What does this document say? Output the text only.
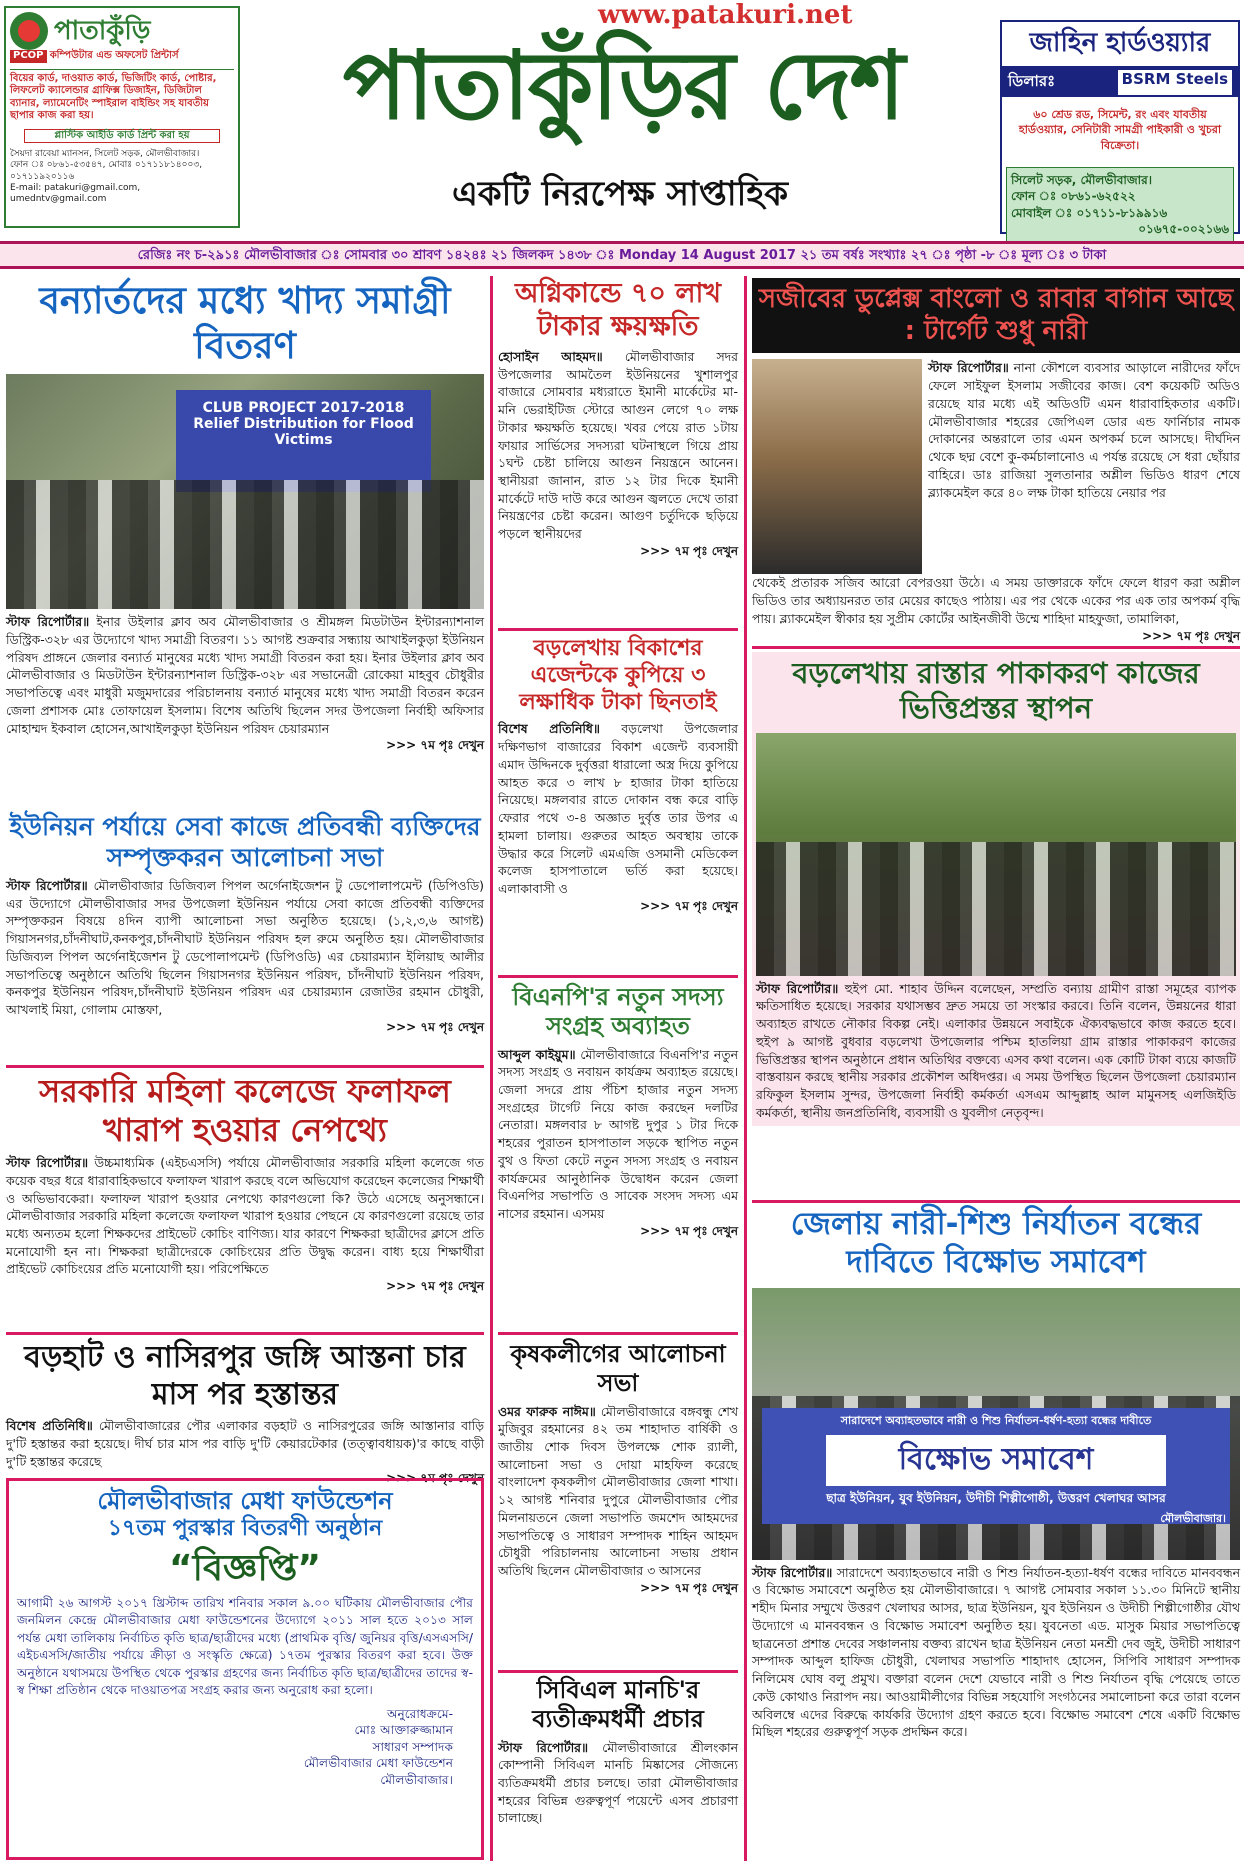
পাতাকুঁড়ি
PCOP কম্পিউটার এন্ড অফসেট প্রিন্টার্স
বিয়ের কার্ড, দাওয়াত কার্ড, ভিজিটিং কার্ড, পোষ্টার, লিফলেট ক্যালেন্ডার গ্রাফিক্স ডিজাইন, ডিজিটাল ব্যানার, ল্যামেনেটিং স্পাইরাল বাইন্ডিং সহ যাবতীয় ছাপার কাজ করা হয়।
প্লাস্টিক আইডি কার্ড প্রিন্ট করা হয়
সৈয়দা রাবেয়া ম্যানসন, সিলেট সড়ক, মৌলভীবাজার।
ফোন ঃ ০৮৬১-৫৩৫৪৭, মোবাঃ ০১৭১১৮১৪০০৩, ০১৭১১৯২০১১৬
E-mail: patakuri@gmail.com, umedntv@gmail.com
www.patakuri.net
পাতাকুঁড়ির দেশ
একটি নিরপেক্ষ সাপ্তাহিক
জাহিন হার্ডওয়্যার
ডিলারঃ	BSRM Steels
৬০ শ্রেড রড, সিমেন্ট, রং এবং যাবতীয় হার্ডওয়্যার, সেনিটারী সামগ্রী পাইকারী ও খুচরা বিক্রেতা।
সিলেট সড়ক, মৌলভীবাজার।
ফোন ঃ ০৮৬১-৬২৫২২
মোবাইল ঃ ০১৭১১-৮১৯৯১৬
০১৬৭৫-০০২১৬৬
রেজিঃ নং চ-২৯১ঃ মৌলভীবাজার ঃ সোমবার ৩০ শ্রাবণ ১৪২৪ঃ ২১ জিলকদ ১৪৩৮ ঃ Monday 14 August 2017 ২১ তম বর্ষঃ সংখ্যাঃ ২৭ ঃ পৃষ্ঠা -৮ ঃ মূল্য ঃ ৩ টাকা
বন্যার্তদের মধ্যে খাদ্য সমাগ্রী বিতরণ
CLUB PROJECT 2017-2018
Relief Distribution for Flood Victims
স্টাফ রিপোর্টার॥ ইনার উইলার ক্লাব অব মৌলভীবাজার ও শ্রীমঙ্গল মিডটাউন ইন্টারন্যাশনাল ডিস্ট্রিক-৩২৮ এর উদ্যোগে খাদ্য সমাগ্রী বিতরণ। ১১ আগষ্ট শুক্রবার সন্ধ্যায় আখাইলকুড়া ইউনিয়ন পরিষদ প্রাঙ্গনে জেলার বন্যার্ত মানুষের মধ্যে খাদ্য সমাগ্রী বিতরন করা হয়। ইনার উইলার ক্লাব অব মৌলভীবাজার ও মিডটাউন ইন্টারন্যাশনাল ডিস্ট্রিক-৩২৮ এর সভানেত্রী রোকেয়া মাহবুব চৌধুরীর সভাপতিত্বে এবং মাধুরী মজুমদারের পরিচালনায় বন্যার্ত মানুষের মধ্যে খাদ্য সমাগ্রী বিতরন করেন জেলা প্রশাসক মোঃ তোফায়েল ইসলাম। বিশেষ অতিথি ছিলেন সদর উপজেলা নির্বাহী অফিসার মোহাম্মদ ইকবাল হোসেন,আখাইলকুড়া ইউনিয়ন পরিষদ চেয়ারম্যান
>>> ৭ম পৃঃ দেখুন
ইউনিয়ন পর্যায়ে সেবা কাজে প্রতিবন্ধী ব্যক্তিদের সম্পৃক্তকরন আলোচনা সভা
স্টাফ রিপোর্টার॥ মৌলভীবাজার ডিজিব্যল পিপল অর্গেনাইজেশন টু ডেপোলাপমেন্ট (ডিপিওডি) এর উদ্যোগে মৌলভীবাজার সদর উপজেলা ইউনিয়ন পর্যায়ে সেবা কাজে প্রতিবন্ধী ব্যক্তিদের সম্পৃক্তকরন বিষয়ে ৪দিন ব্যাপী আলোচনা সভা অনুষ্ঠিত হয়েছে। (১,২,৩,৬ আগষ্ট) গিয়াসনগর,চাঁদনীঘাট,কনকপুর,চাঁদনীঘাট ইউনিয়ন পরিষদ হল রুমে অনুষ্ঠিত হয়। মৌলভীবাজার ডিজিব্যল পিপল অর্গেনাইজেশন টু ডেপোলাপমেন্ট (ডিপিওডি) এর চেয়ারম্যান ইলিয়াছ আলীর সভাপতিত্বে অনুষ্ঠানে অতিথি ছিলেন গিয়াসনগর ইউনিয়ন পরিষদ, চাঁদনীঘাট ইউনিয়ন পরিষদ, কনকপুর ইউনিয়ন পরিষদ,চাঁদনীঘাট ইউনিয়ন পরিষদ এর চেয়ারম্যান রেজাউর রহমান চৌধুরী, আখলাই মিয়া, গোলাম মোস্তফা,
>>> ৭ম পৃঃ দেখুন
সরকারি মহিলা কলেজে ফলাফল খারাপ হওয়ার নেপথ্যে
স্টাফ রিপোর্টার॥ উচ্চমাধ্যমিক (এইচএসসি) পর্যায়ে মৌলভীবাজার সরকারি মহিলা কলেজে গত কয়েক বছর ধরে ধারাবাহিকভাবে ফলাফল খারাপ করছে বলে অভিযোগ করেছেন কলেজের শিক্ষার্থী ও অভিভাবকেরা। ফলাফল খারাপ হওয়ার নেপথ্যে কারণগুলো কি? উঠে এসেছে অনুসন্ধানে। মৌলভীবাজার সরকারি মহিলা কলেজে ফলাফল খারাপ হওয়ার পেছনে যে কারণগুলো রয়েছে তার মধ্যে অন্যতম হলো শিক্ষকদের প্রাইভেট কোচিং বাণিজ্য। যার কারণে শিক্ষকরা ছাত্রীদের ক্লাসে প্রতি মনোযোগী হন না। শিক্ষকরা ছাত্রীদেরকে কোচিংয়ের প্রতি উদ্বুদ্ধ করেন। বাধ্য হয়ে শিক্ষার্থীরা প্রাইভেট কোচিংয়ের প্রতি মনোযোগী হয়। পরিপেক্ষিতে
>>> ৭ম পৃঃ দেখুন
বড়হাট ও নাসিরপুর জঙ্গি আস্তনা চার মাস পর হস্তান্তর
বিশেষ প্রতিনিধি॥ মৌলভীবাজারের পৌর এলাকার বড়হাট ও নাসিরপুরের জঙ্গি আস্তানার বাড়ি দু'টি হস্তান্তর করা হয়েছে। দীর্ঘ চার মাস পর বাড়ি দু'টি কেয়ারটেকার (তত্ত্বাবধায়ক)'র কাছে বাড়ী দু'টি হস্তান্তর করেছে
>>> ৭ম পৃঃ দেখুন
মৌলভীবাজার মেধা ফাউন্ডেশন
১৭তম পুরস্কার বিতরণী অনুষ্ঠান
“বিজ্ঞপ্তি”
আগামী ২৬ আগস্ট ২০১৭ খ্রিস্টাব্দ তারিখ শনিবার সকাল ৯.০০ ঘটিকায় মৌলভীবাজার পৌর জনমিলন কেন্দ্রে মৌলভীবাজার মেধা ফাউন্ডেশনের উদ্যোগে ২০১১ সাল হতে ২০১৩ সাল পর্যন্ত মেধা তালিকায় নির্বাচিত কৃতি ছাত্র/ছাত্রীদের মধ্যে (প্রাথমিক বৃত্তি/ জুনিয়র বৃত্তি/এসএসসি/এইচএসসি/জাতীয় পর্যায়ে ক্রীড়া ও সংস্কৃতি ক্ষেত্রে) ১৭তম পুরস্কার বিতরণ করা হবে। উক্ত অনুষ্ঠানে যথাসময়ে উপস্থিত থেকে পুরস্কার গ্রহণের জন্য নির্বাচিত কৃতি ছাত্র/ছাত্রীদের তাদের স্ব-স্ব শিক্ষা প্রতিষ্ঠান থেকে দাওয়াতপত্র সংগ্রহ করার জন্য অনুরোধ করা হলো।
অনুরোধক্রমে-
মোঃ আক্তারুজ্জামান
সাধারণ সম্পাদক
মৌলভীবাজার মেধা ফাউন্ডেশন
মৌলভীবাজার।
অগ্নিকান্ডে ৭০ লাখ টাকার ক্ষয়ক্ষতি
হোসাইন আহমদ॥ মৌলভীবাজার সদর উপজেলার আমতৈল ইউনিয়নের খুশালপুর বাজারে সোমবার মধ্যরাতে ইমানী মার্কেটের মা-মনি ভেরাইটিজ স্টোরে আগুন লেগে ৭০ লক্ষ টাকার ক্ষয়ক্ষতি হয়েছে। খবর পেয়ে রাত ১টায় ফায়ার সার্ভিসের সদস্যরা ঘটনাস্থলে গিয়ে প্রায় ১ঘন্ট চেষ্টা চালিয়ে আগুন নিয়ন্ত্রনে আনেন। স্থানীয়রা জানান, রাত ১২ টার দিকে ইমানী মার্কেটে দাউ দাউ করে আগুন জ্বলতে দেখে তারা নিয়ন্ত্রণের চেষ্টা করেন। আগুণ চর্তুদিকে ছড়িয়ে পড়লে স্থানীয়দের
>>> ৭ম পৃঃ দেখুন
বড়লেখায় বিকাশের এজেন্টকে কুপিয়ে ৩ লক্ষাধিক টাকা ছিনতাই
বিশেষ প্রতিনিধি॥ বড়লেখা উপজেলার দক্ষিণভাগ বাজারের বিকাশ এজেন্ট ব্যবসায়ী এমাদ উদ্দিনকে দুর্বৃত্তরা ধারালো অস্ত্র দিয়ে কুপিয়ে আহত করে ৩ লাখ ৮ হাজার টাকা হাতিয়ে নিয়েছে। মঙ্গলবার রাতে দোকান বন্ধ করে বাড়ি ফেরার পথে ৩-৪ অজ্ঞাত দুর্বৃত্ত তার উপর এ হামলা চালায়। গুরুতর আহত অবস্থায় তাকে উদ্ধার করে সিলেট এমএজি ওসমানী মেডিকেল কলেজ হাসপাতালে ভর্তি করা হয়েছে। এলাকাবাসী ও
>>> ৭ম পৃঃ দেখুন
বিএনপি'র নতুন সদস্য সংগ্রহ অব্যাহত
আব্দুল কাইয়ুম॥ মৌলভীবাজারে বিএনপি'র নতুন সদস্য সংগ্রহ ও নবায়ন কার্যক্রম অব্যাহত রয়েছে। জেলা সদরে প্রায় পঁচিশ হাজার নতুন সদস্য সংগ্রহের টার্গেট নিয়ে কাজ করছেন দলটির নেতারা। মঙ্গলবার ৮ আগষ্ট দুপুর ১ টার দিকে শহরের পুরাতন হাসপাতাল সড়কে স্থাপিত নতুন বুথ ও ফিতা কেটে নতুন সদস্য সংগ্রহ ও নবায়ন কার্যক্রমের আনুষ্ঠানিক উদ্বোধন করেন জেলা বিএনপির সভাপতি ও সাবেক সংসদ সদস্য এম নাসের রহমান। এসময়
>>> ৭ম পৃঃ দেখুন
কৃষকলীগের আলোচনা সভা
ওমর ফারুক নাঈম॥ মৌলভীবাজারে বঙ্গবন্ধু শেখ মুজিবুর রহমানের ৪২ তম শাহাদাত বার্ষিকী ও জাতীয় শোক দিবস উপলক্ষে শোক র‌্যালী, আলোচনা সভা ও দোয়া মাহফিল করেছে বাংলাদেশ কৃষকলীগ মৌলভীবাজার জেলা শাখা। ১২ আগষ্ট শনিবার দুপুরে মৌলভীবাজার পৌর মিলনায়তনে জেলা সভাপতি জমশেদ আহমদের সভাপতিত্বে ও সাধারণ সম্পাদক শাহিন আহমদ চৌধুরী পরিচালনায় আলোচনা সভায় প্রধান অতিথি ছিলেন মৌলভীবাজার ৩ আসনের
>>> ৭ম পৃঃ দেখুন
সিবিএল মানচি'র ব্যতীক্রমধর্মী প্রচার
স্টাফ রিপোর্টার॥ মৌলভীবাজারে শ্রীলংকান কোম্পানী সিবিএল মানচি মিষ্কাসের সৌজন্যে ব্যতিক্রমধর্মী প্রচার চলছে। তারা মৌলভীবাজার শহরের বিভিন্ন গুরুত্বপূর্ণ পয়েন্টে এসব প্রচারণা চালাচ্ছে।
সজীবের ডুপ্লেক্স বাংলো ও রাবার বাগান আছে : টার্গেট শুধু নারী
স্টাফ রিপোর্টার॥ নানা কৌশলে ব্যবসার আড়ালে নারীদের ফাঁদে ফেলে সাইফুল ইসলাম সজীবের কাজ। বেশ কয়েকটি অডিও রয়েছে যার মধ্যে এই অডিওটি এমন ধারাবাহিকতার একটি। মৌলভীবাজার শহরের জেপিএল ডোর এন্ড ফার্নিচার নামক দোকানের অন্তরালে তার এমন অপকর্ম চলে আসছে। দীর্ঘদিন থেকে ছদ্ম বেশে কু-কর্মচালানোও এ পর্যন্ত রয়েছে সে ধরা ছোঁয়ার বাহিরে। ডাঃ রাজিয়া সুলতানার অশ্লীল ভিডিও ধারণ শেষে ব্ল্যাকমেইল করে ৪০ লক্ষ টাকা হাতিয়ে নেয়ার পর
থেকেই প্রতারক সজিব আরো বেপরওয়া উঠে। এ সময় ডাক্তারকে ফাঁদে ফেলে ধারণ করা অশ্লীল ভিডিও তার অধ্যায়নরত তার মেয়ের কাছেও পাঠায়। এর পর থেকে একের পর এক তার অপকর্ম বৃদ্ধি পায়। ব্ল্যাকমেইল স্বীকার হয় সুপ্রীম কোর্টের আইনজীবী উম্মে শাহিদা মাহফুজা, তামালিকা,
>>> ৭ম পৃঃ দেখুন
বড়লেখায় রাস্তার পাকাকরণ কাজের ভিত্তিপ্রস্তর স্থাপন
স্টাফ রিপোর্টার॥ হুইপ মো. শাহাব উদ্দিন বলেছেন, সম্প্রতি বন্যায় গ্রামীণ রাস্তা সমূহের ব্যাপক ক্ষতিসাধিত হয়েছে। সরকার যথাসম্ভব দ্রুত সময়ে তা সংস্কার করবে। তিনি বলেন, উন্নয়নের ধারা অব্যাহত রাখতে নৌকার বিকল্প নেই। এলাকার উন্নয়নে সবাইকে ঐক্যবদ্ধভাবে কাজ করতে হবে। হুইপ ৯ আগষ্ট বুধবার বড়লেখা উপজেলার পশ্চিম হাতলিয়া গ্রাম রাস্তার পাকাকরণ কাজের ভিত্তিপ্রস্তর স্থাপন অনুষ্ঠানে প্রধান অতিথির বক্তব্যে এসব কথা বলেন। এক কোটি টাকা ব্যয়ে কাজটি বাস্তবায়ন করছে স্থানীয় সরকার প্রকৌশল অধিদপ্তর। এ সময় উপস্থিত ছিলেন উপজেলা চেয়ারম্যান রফিকুল ইসলাম সুন্দর, উপজেলা নির্বাহী কর্মকর্তা এসএম আব্দুল্লাহ আল মামুনসহ এলজিইডি কর্মকর্তা, স্থানীয় জনপ্রতিনিধি, ব্যবসায়ী ও যুবলীগ নেতৃবৃন্দ।
জেলায় নারী-শিশু নির্যাতন বন্ধের দাবিতে বিক্ষোভ সমাবেশ
সারাদেশে অব্যাহতভাবে নারী ও শিশু নির্যাতন-ধর্ষণ-হত্যা বন্ধের দাবীতে
বিক্ষোভ সমাবেশ
ছাত্র ইউনিয়ন, যুব ইউনিয়ন, উদীচী শিল্পীগোষ্ঠী, উত্তরণ খেলাঘর আসর
মৌলভীবাজার।
স্টাফ রিপোর্টার॥ সারাদেশে অব্যাহতভাবে নারী ও শিশু নির্যাতন-হত্যা-ধর্ষণ বন্ধের দাবিতে মানববন্ধন ও বিক্ষোভ সমাবেশে অনুষ্ঠিত হয় মৌলভীবাজারে। ৭ আগষ্ট সোমবার সকাল ১১.৩০ মিনিটে স্থানীয় শহীদ মিনার সম্মুখে উত্তরণ খেলাঘর আসর, ছাত্র ইউনিয়ন, যুব ইউনিয়ন ও উদীচী শিল্পীগোষ্ঠীর যৌথ উদ্যোগে এ মানববন্ধন ও বিক্ষোভ সমাবেশ অনুষ্ঠিত হয়। যুবনেতা এড. মাসুক মিয়ার সভাপতিত্বে ছাত্রনেতা প্রশান্ত দেবের সঞ্চালনায় বক্তব্য রাখেন ছাত্র ইউনিয়ন নেতা মনশ্রী দেব জুই, উদীচী সাধারণ সম্পাদক আব্দুল হাফিজ চৌধুরী, খেলাঘর সভাপতি শাহাদাৎ হোসেন, সিপিবি সাধারণ সম্পাদক নিলিমেষ ঘোষ বলু প্রমুখ। বক্তারা বলেন দেশে যেভাবে নারী ও শিশু নির্যাতন বৃদ্ধি পেয়েছে তাতে কেউ কোথাও নিরাপদ নয়। আওয়ামীলীগের বিভিন্ন সহযোগি সংগঠনের সমালোচনা করে তারা বলেন অবিলম্বে এদের বিরুদ্ধে কার্যকরি উদ্যোগ গ্রহণ করতে হবে। বিক্ষোভ সমাবেশ শেষে একটি বিক্ষোভ মিছিল শহরের গুরুত্বপূর্ণ সড়ক প্রদক্ষিন করে।
